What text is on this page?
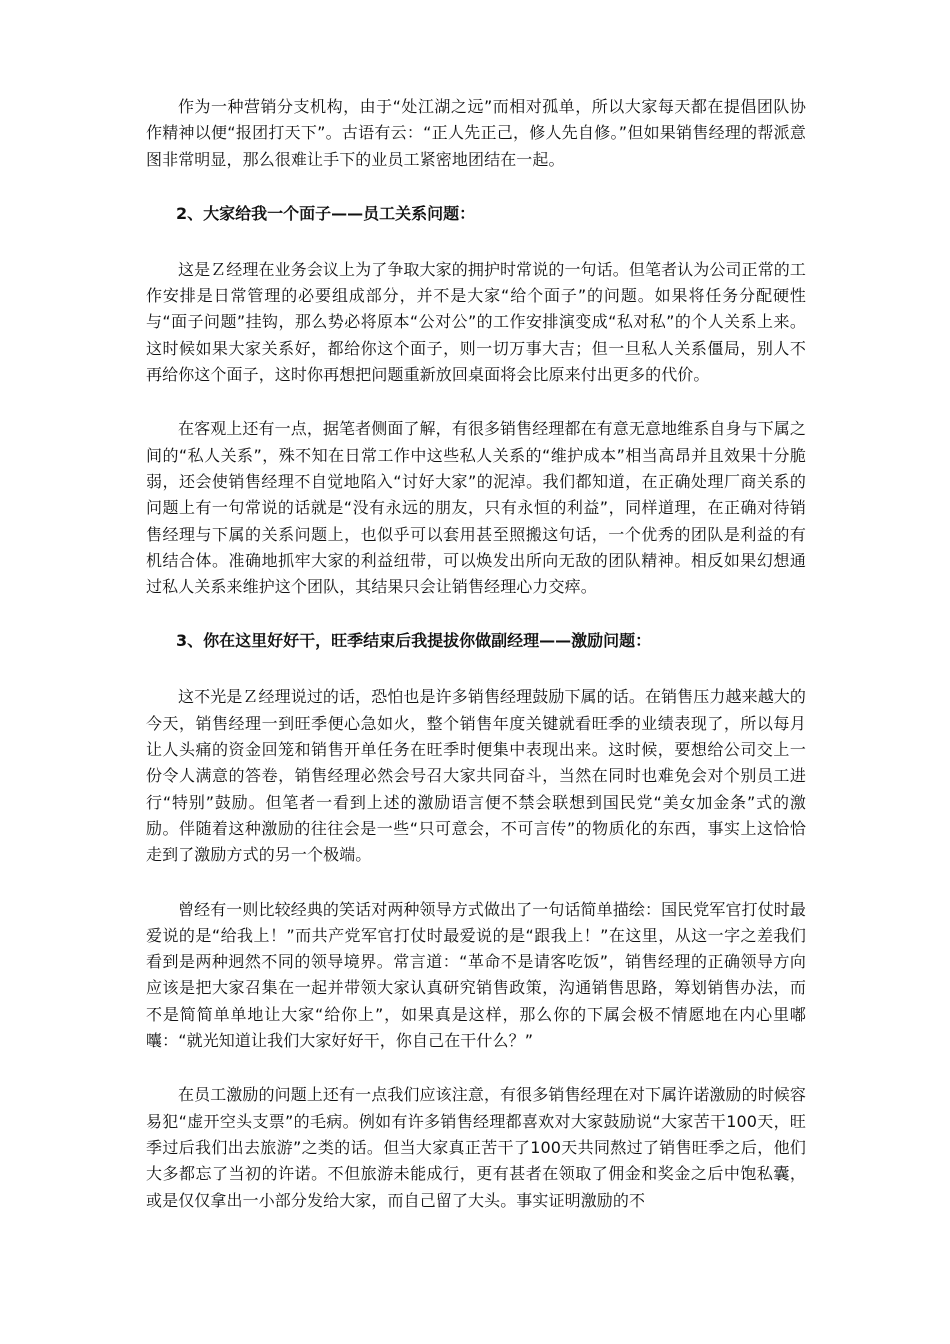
作为一种营销分支机构，由于“处江湖之远”而相对孤单，所以大家每天都在提倡团队协作精神以便“报团打天下”。古语有云：“正人先正己，修人先自修。”但如果销售经理的帮派意图非常明显，那么很难让手下的业员工紧密地团结在一起。

2、大家给我一个面子——员工关系问题：

这是Ｚ经理在业务会议上为了争取大家的拥护时常说的一句话。但笔者认为公司正常的工作安排是日常管理的必要组成部分，并不是大家“给个面子”的问题。如果将任务分配硬性与“面子问题”挂钩，那么势必将原本“公对公”的工作安排演变成“私对私”的个人关系上来。这时候如果大家关系好，都给你这个面子，则一切万事大吉；但一旦私人关系僵局，别人不再给你这个面子，这时你再想把问题重新放回桌面将会比原来付出更多的代价。

在客观上还有一点，据笔者侧面了解，有很多销售经理都在有意无意地维系自身与下属之间的“私人关系”，殊不知在日常工作中这些私人关系的“维护成本”相当高昂并且效果十分脆弱，还会使销售经理不自觉地陷入“讨好大家”的泥淖。我们都知道，在正确处理厂商关系的问题上有一句常说的话就是“没有永远的朋友，只有永恒的利益”，同样道理，在正确对待销售经理与下属的关系问题上，也似乎可以套用甚至照搬这句话，一个优秀的团队是利益的有机结合体。准确地抓牢大家的利益纽带，可以焕发出所向无敌的团队精神。相反如果幻想通过私人关系来维护这个团队，其结果只会让销售经理心力交瘁。

3、你在这里好好干，旺季结束后我提拔你做副经理——激励问题：

这不光是Ｚ经理说过的话，恐怕也是许多销售经理鼓励下属的话。在销售压力越来越大的今天，销售经理一到旺季便心急如火，整个销售年度关键就看旺季的业绩表现了，所以每月让人头痛的资金回笼和销售开单任务在旺季时便集中表现出来。这时候，要想给公司交上一份令人满意的答卷，销售经理必然会号召大家共同奋斗，当然在同时也难免会对个别员工进行“特别”鼓励。但笔者一看到上述的激励语言便不禁会联想到国民党“美女加金条”式的激励。伴随着这种激励的往往会是一些“只可意会，不可言传”的物质化的东西，事实上这恰恰走到了激励方式的另一个极端。

曾经有一则比较经典的笑话对两种领导方式做出了一句话简单描绘：国民党军官打仗时最爱说的是“给我上！”而共产党军官打仗时最爱说的是“跟我上！”在这里，从这一字之差我们看到是两种迥然不同的领导境界。常言道：“革命不是请客吃饭”，销售经理的正确领导方向应该是把大家召集在一起并带领大家认真研究销售政策，沟通销售思路，筹划销售办法，而不是简简单单地让大家“给你上”，如果真是这样，那么你的下属会极不情愿地在内心里嘟囔：“就光知道让我们大家好好干，你自己在干什么？”

在员工激励的问题上还有一点我们应该注意，有很多销售经理在对下属许诺激励的时候容易犯“虚开空头支票”的毛病。例如有许多销售经理都喜欢对大家鼓励说“大家苦干100天，旺季过后我们出去旅游”之类的话。但当大家真正苦干了100天共同熬过了销售旺季之后，他们大多都忘了当初的许诺。不但旅游未能成行，更有甚者在领取了佣金和奖金之后中饱私囊，或是仅仅拿出一小部分发给大家，而自己留了大头。事实证明激励的不
